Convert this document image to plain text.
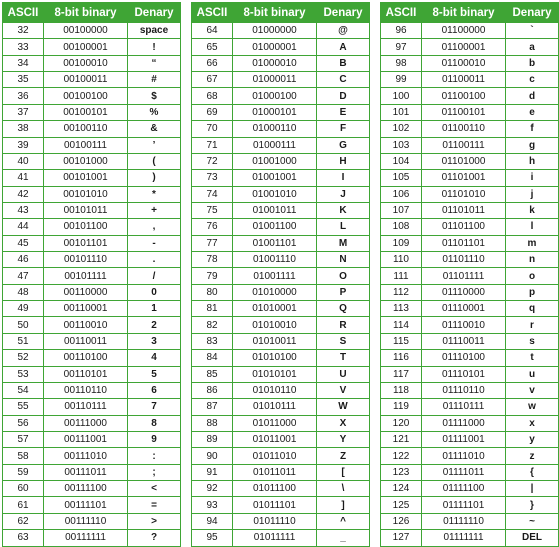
ASCII	8-bit binary	Denary
32	00100000	space
33	00100001	!
34	00100010	“
35	00100011	#
36	00100100	$
37	00100101	%
38	00100110	&
39	00100111	’
40	00101000	(
41	00101001	)
42	00101010	*
43	00101011	+
44	00101100	,
45	00101101	-
46	00101110	.
47	00101111	/
48	00110000	0
49	00110001	1
50	00110010	2
51	00110011	3
52	00110100	4
53	00110101	5
54	00110110	6
55	00110111	7
56	00111000	8
57	00111001	9
58	00111010	:
59	00111011	;
60	00111100	<
61	00111101	=
62	00111110	>
63	00111111	?
ASCII	8-bit binary	Denary
64	01000000	@
65	01000001	A
66	01000010	B
67	01000011	C
68	01000100	D
69	01000101	E
70	01000110	F
71	01000111	G
72	01001000	H
73	01001001	I
74	01001010	J
75	01001011	K
76	01001100	L
77	01001101	M
78	01001110	N
79	01001111	O
80	01010000	P
81	01010001	Q
82	01010010	R
83	01010011	S
84	01010100	T
85	01010101	U
86	01010110	V
87	01010111	W
88	01011000	X
89	01011001	Y
90	01011010	Z
91	01011011	[
92	01011100	\
93	01011101	]
94	01011110	^
95	01011111	_
ASCII	8-bit binary	Denary
96	01100000	`
97	01100001	a
98	01100010	b
99	01100011	c
100	01100100	d
101	01100101	e
102	01100110	f
103	01100111	g
104	01101000	h
105	01101001	i
106	01101010	j
107	01101011	k
108	01101100	l
109	01101101	m
110	01101110	n
111	01101111	o
112	01110000	p
113	01110001	q
114	01110010	r
115	01110011	s
116	01110100	t
117	01110101	u
118	01110110	v
119	01110111	w
120	01111000	x
121	01111001	y
122	01111010	z
123	01111011	{
124	01111100	|
125	01111101	}
126	01111110	~
127	01111111	DEL
